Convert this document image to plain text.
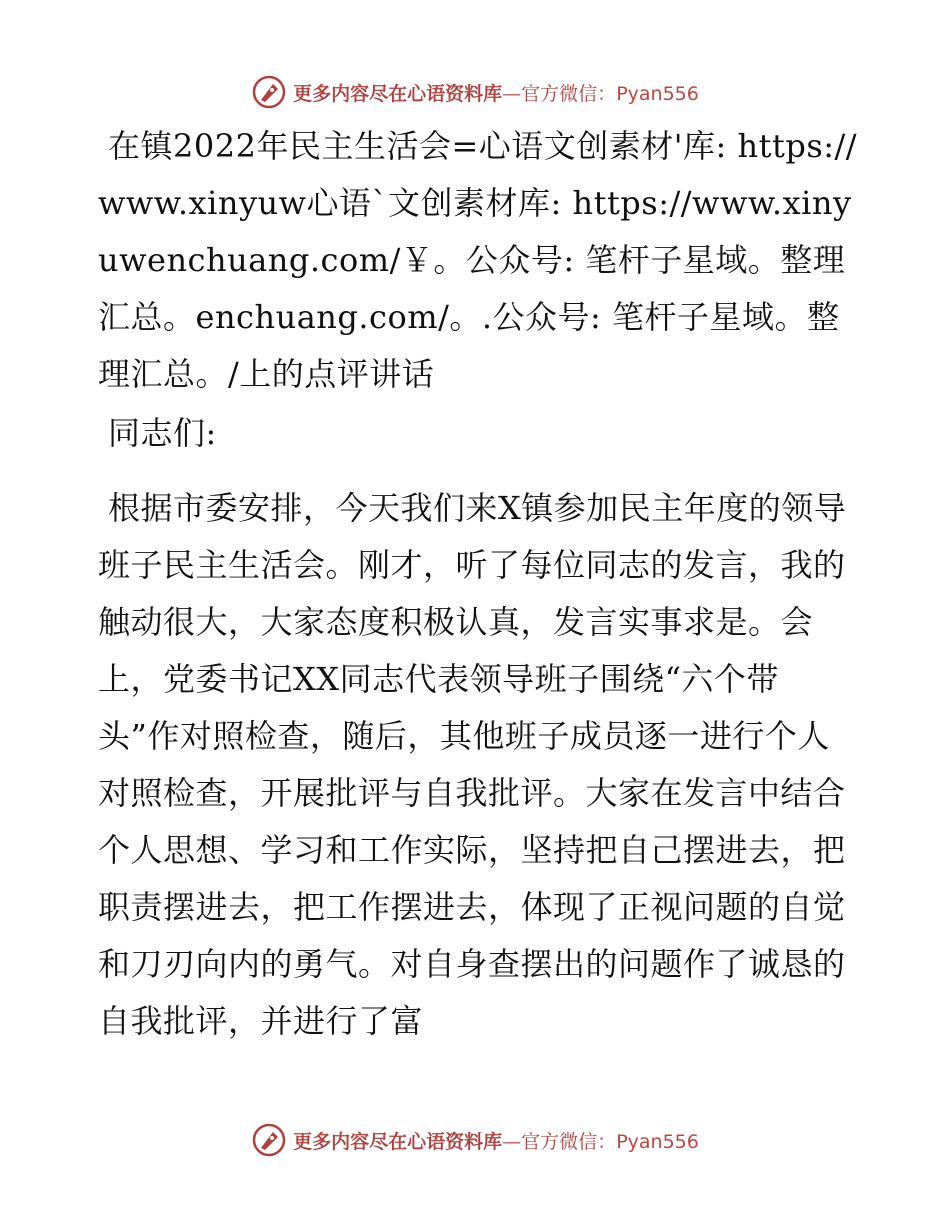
更多内容尽在心语资料库—官方微信：Pyan556

在镇2022年民主生活会=心语文创素材'库: https://www.xinyuw心语`文创素材库: https://www.xinyuwenchuang.com/￥。公众号: 笔杆子星域。整理汇总。enchuang.com/。.公众号: 笔杆子星域。整理汇总。/上的点评讲话

同志们:

根据市委安排，今天我们来X镇参加民主年度的领导班子民主生活会。刚才，听了每位同志的发言，我的触动很大，大家态度积极认真，发言实事求是。会上，党委书记XX同志代表领导班子围绕“六个带头”作对照检查，随后，其他班子成员逐一进行个人对照检查，开展批评与自我批评。大家在发言中结合个人思想、学习和工作实际，坚持把自己摆进去，把职责摆进去，把工作摆进去，体现了正视问题的自觉和刀刃向内的勇气。对自身查摆出的问题作了诚恳的自我批评，并进行了富

更多内容尽在心语资料库—官方微信：Pyan556
